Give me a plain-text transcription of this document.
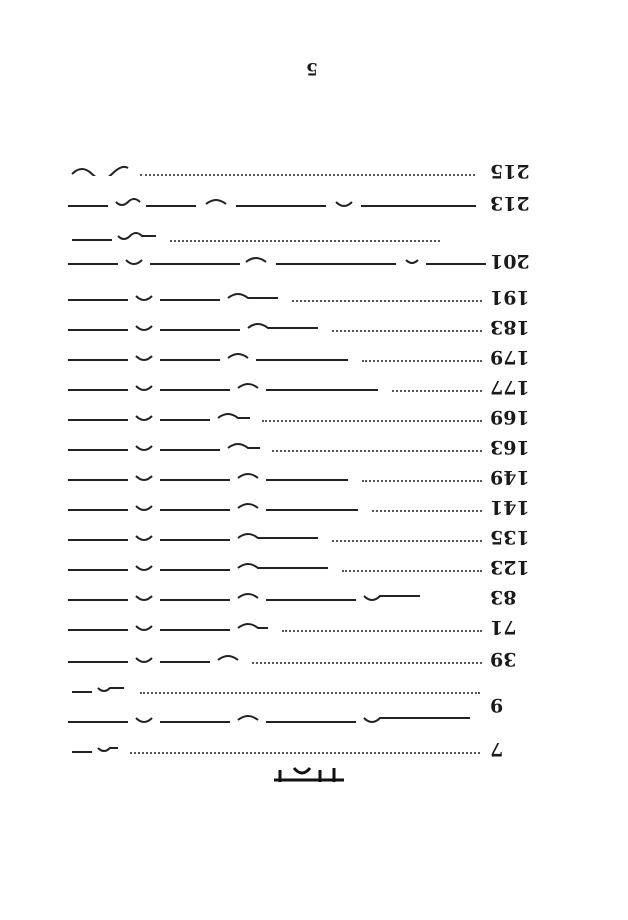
5
215
213
201
191
183
179
177
169
163
149
141
135
123
83
71
39
9
7
